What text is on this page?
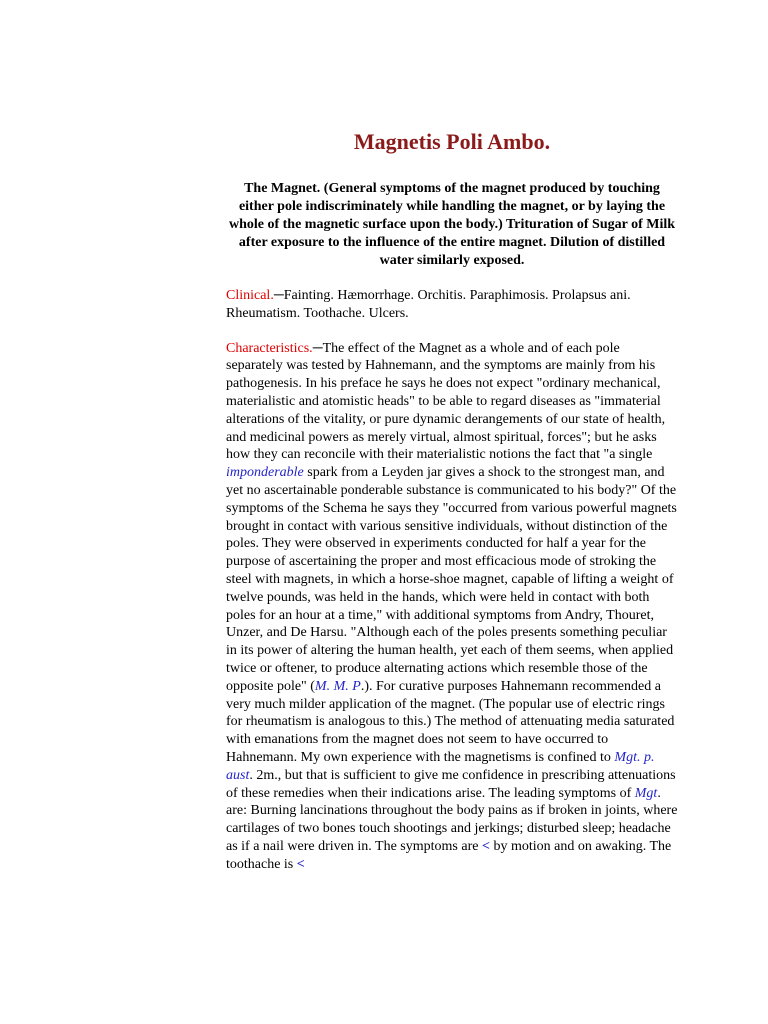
Magnetis Poli Ambo.

The Magnet. (General symptoms of the magnet produced by touching either pole indiscriminately while handling the magnet, or by laying the whole of the magnetic surface upon the body.) Trituration of Sugar of Milk after exposure to the influence of the entire magnet. Dilution of distilled water similarly exposed.

Clinical.─Fainting. Hæmorrhage. Orchitis. Paraphimosis. Prolapsus ani. Rheumatism. Toothache. Ulcers.

Characteristics.─The effect of the Magnet as a whole and of each pole separately was tested by Hahnemann, and the symptoms are mainly from his pathogenesis. In his preface he says he does not expect "ordinary mechanical, materialistic and atomistic heads" to be able to regard diseases as "immaterial alterations of the vitality, or pure dynamic derangements of our state of health, and medicinal powers as merely virtual, almost spiritual, forces"; but he asks how they can reconcile with their materialistic notions the fact that "a single imponderable spark from a Leyden jar gives a shock to the strongest man, and yet no ascertainable ponderable substance is communicated to his body?" Of the symptoms of the Schema he says they "occurred from various powerful magnets brought in contact with various sensitive individuals, without distinction of the poles. They were observed in experiments conducted for half a year for the purpose of ascertaining the proper and most efficacious mode of stroking the steel with magnets, in which a horse-shoe magnet, capable of lifting a weight of twelve pounds, was held in the hands, which were held in contact with both poles for an hour at a time," with additional symptoms from Andry, Thouret, Unzer, and De Harsu. "Although each of the poles presents something peculiar in its power of altering the human health, yet each of them seems, when applied twice or oftener, to produce alternating actions which resemble those of the opposite pole" (M. M. P.). For curative purposes Hahnemann recommended a very much milder application of the magnet. (The popular use of electric rings for rheumatism is analogous to this.) The method of attenuating media saturated with emanations from the magnet does not seem to have occurred to Hahnemann. My own experience with the magnetisms is confined to Mgt. p. aust. 2m., but that is sufficient to give me confidence in prescribing attenuations of these remedies when their indications arise. The leading symptoms of Mgt. are: Burning lancinations throughout the body pains as if broken in joints, where cartilages of two bones touch shootings and jerkings; disturbed sleep; headache as if a nail were driven in. The symptoms are < by motion and on awaking. The toothache is <
